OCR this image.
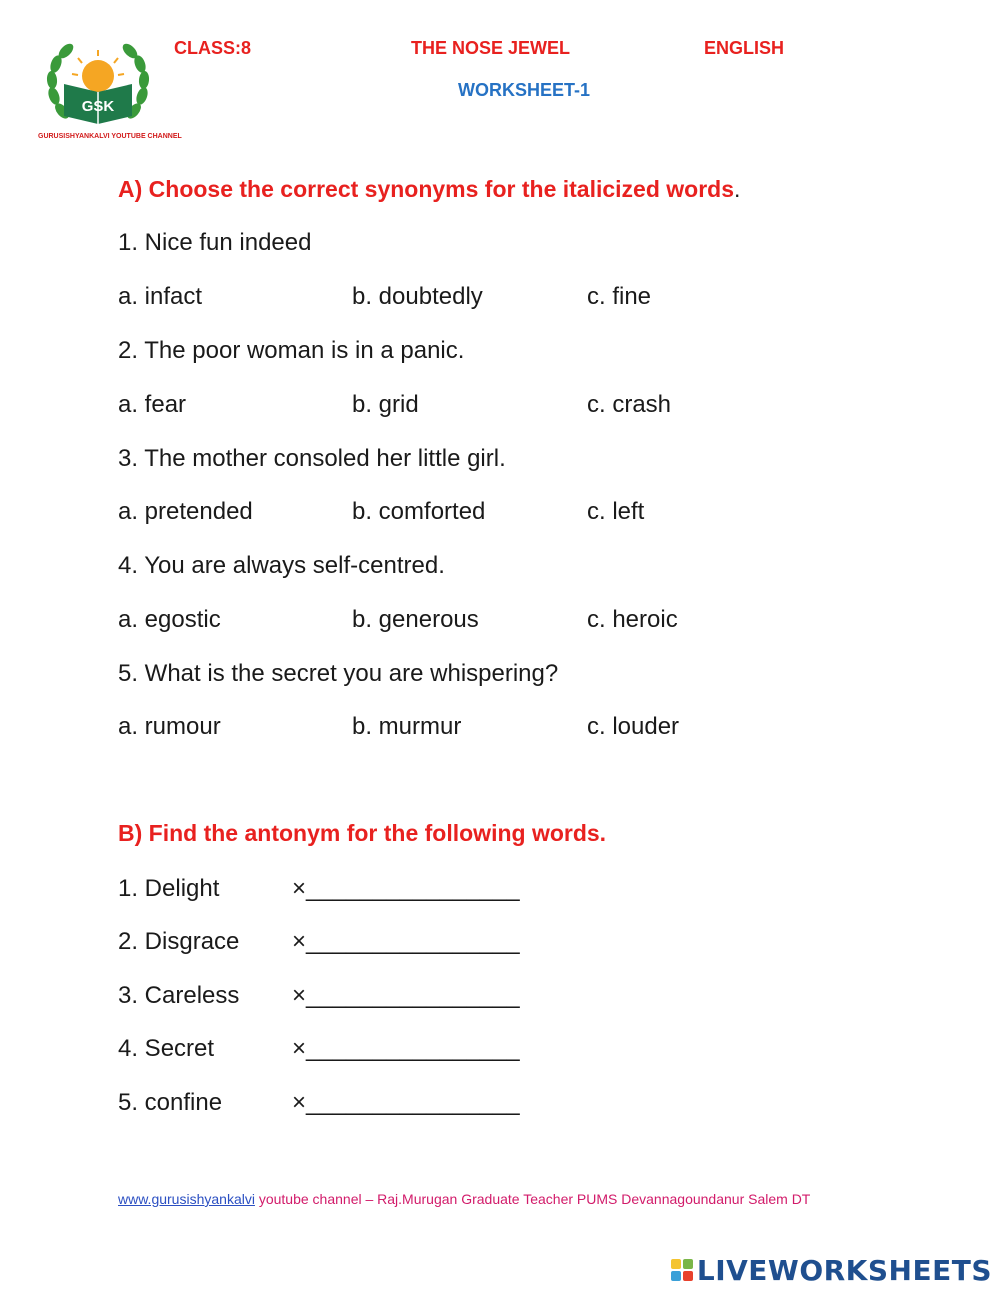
GSK
GURUSISHYANKALVI YOUTUBE CHANNEL
CLASS:8	THE NOSE JEWEL	ENGLISH
WORKSHEET-1
A) Choose the correct synonyms for the italicized words.
1. Nice fun indeed
a. infact	b. doubtedly	c. fine
2. The poor woman is in a panic.
a. fear	b. grid	c. crash
3. The mother consoled her little girl.
a. pretended	b. comforted	c. left
4. You are always self-centred.
a. egostic	b. generous	c. heroic
5. What is the secret you are whispering?
a. rumour	b. murmur	c. louder
B) Find the antonym for the following words.
1. Delight	×________________
2. Disgrace ×________________
3. Careless ×________________
4. Secret	×________________
5. confine	×________________
www.gurusishyankalvi youtube channel – Raj.Murugan Graduate Teacher PUMS Devannagoundanur Salem DT
LIVEWORKSHEETS
